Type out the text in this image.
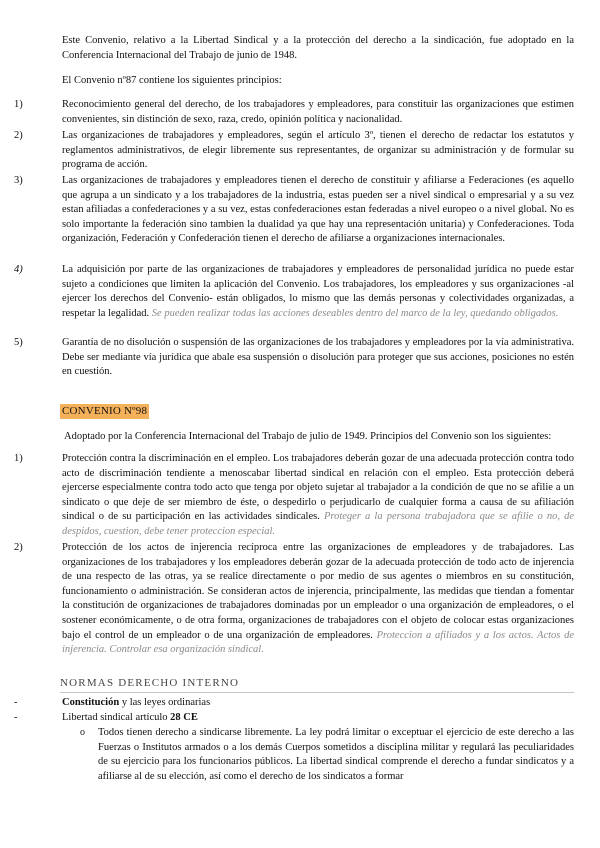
Este Convenio, relativo a la Libertad Sindical y a la protección del derecho a la sindicación, fue adoptado en la Conferencia Internacional del Trabajo de junio de 1948.

El Convenio nº87 contiene los siguientes principios:

1)	Reconocimiento general del derecho, de los trabajadores y empleadores, para constituir las organizaciones que estimen convenientes, sin distinción de sexo, raza, credo, opinión política y nacionalidad.

2)	Las organizaciones de trabajadores y empleadores, según el artículo 3º, tienen el derecho de redactar los estatutos y reglamentos administrativos, de elegir libremente sus representantes, de organizar su administración y de formular su programa de acción.

3)	Las organizaciones de trabajadores y empleadores tienen el derecho de constituir y afiliarse a Federaciones (es aquello que agrupa a un sindicato y a los trabajadores de la industria, estas pueden ser a nivel sindical o empresarial y a su vez estan afiliadas a confederaciones y a su vez, estas confederaciones estan federadas a nivel europeo o a nivel global. No es solo importante la federación sino tambien la dualidad ya que hay una representación unitaria) y Confederaciones. Toda organización, Federación y Confederación tienen el derecho de afiliarse a organizaciones internacionales.

4)	La adquisición por parte de las organizaciones de trabajadores y empleadores de personalidad jurídica no puede estar sujeto a condiciones que limiten la aplicación del Convenio. Los trabajadores, los empleadores y sus organizaciones -al ejercer los derechos del Convenio- están obligados, lo mismo que las demás personas y colectividades organizadas, a respetar la legalidad. Se pueden realizar todas las acciones deseables dentro del marco de la ley, quedando obligados.

5)	Garantía de no disolución o suspensión de las organizaciones de los trabajadores y empleadores por la vía administrativa. Debe ser mediante vía jurídica que abale esa suspensión o disolución para proteger que sus acciones, posiciones no estén en cuestión.

CONVENIO Nº98

Adoptado por la Conferencia Internacional del Trabajo de julio de 1949. Principios del Convenio son los siguientes:

1)	Protección contra la discriminación en el empleo. Los trabajadores deberán gozar de una adecuada protección contra todo acto de discriminación tendiente a menoscabar libertad sindical en relación con el empleo. Esta protección deberá ejercerse especialmente contra todo acto que tenga por objeto sujetar al trabajador a la condición de que no se afilie a un sindicato o que deje de ser miembro de éste, o despedirlo o perjudicarlo de cualquier forma a causa de su afiliación sindical o de su participación en las actividades sindicales. Proteger a la persona trabajadora que se afilie o no, de despidos, cuestion, debe tener proteccion especial.

2)	Protección de los actos de injerencia recíproca entre las organizaciones de empleadores y de trabajadores. Las organizaciones de los trabajadores y los empleadores deberán gozar de la adecuada protección de todo acto de injerencia de una respecto de las otras, ya se realice directamente o por medio de sus agentes o miembros en su constitución, funcionamiento o administración. Se consideran actos de injerencia, principalmente, las medidas que tiendan a fomentar la constitución de organizaciones de trabajadores dominadas por un empleador o una organización de empleadores, o el sostener económicamente, o de otra forma, organizaciones de trabajadores con el objeto de colocar estas organizaciones bajo el control de un empleador o de una organización de empleadores. Proteccion a afiliados y a los actos. Actos de injerencia. Controlar esa organización sindical.

NORMAS DERECHO INTERNO
-	Constitución y las leyes ordinarias

-	Libertad sindical artículo 28 CE

o Todos tienen derecho a sindicarse libremente. La ley podrá limitar o exceptuar el ejercicio de este derecho a las Fuerzas o Institutos armados o a los demás Cuerpos sometidos a disciplina militar y regulará las peculiaridades de su ejercicio para los funcionarios públicos. La libertad sindical comprende el derecho a fundar sindicatos y a afiliarse al de su elección, así como el derecho de los sindicatos a formar
